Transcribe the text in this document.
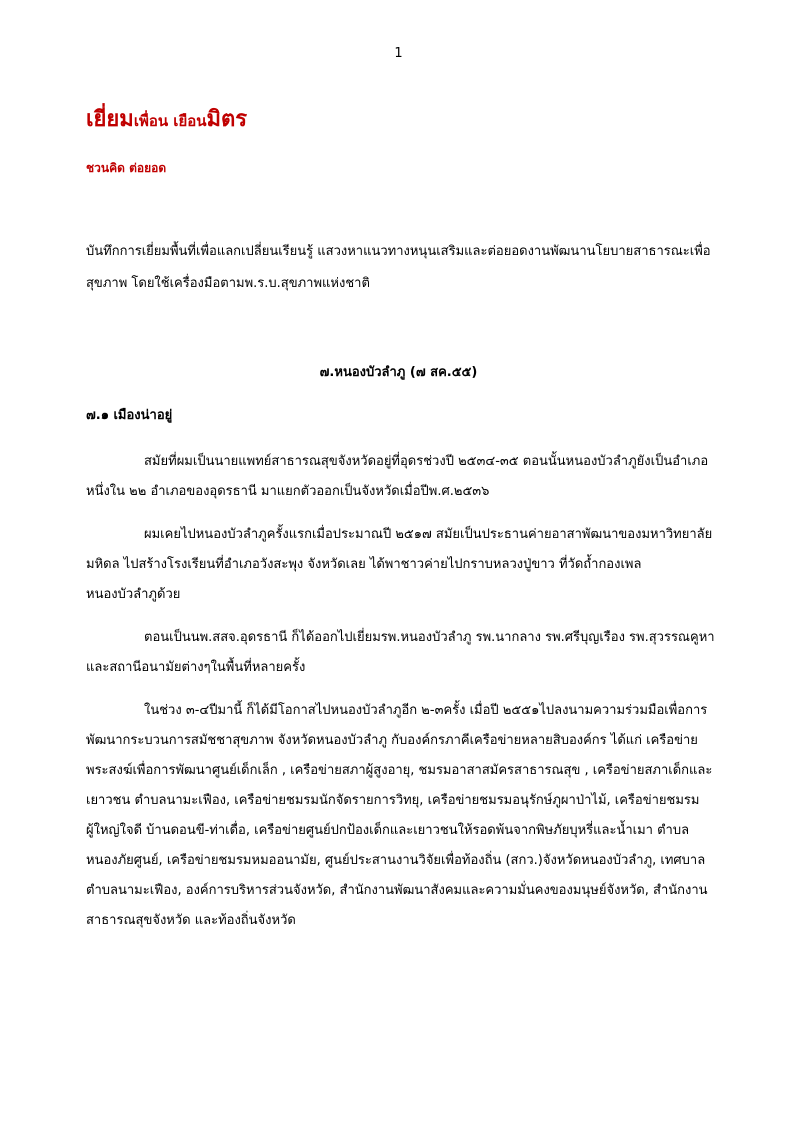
1
เยี่ยมเพื่อน เยือนมิตร
ชวนคิด ต่อยอด

บันทึกการเยี่ยมพื้นที่เพื่อแลกเปลี่ยนเรียนรู้ แสวงหาแนวทางหนุนเสริมและต่อยอดงานพัฒนานโยบายสาธารณะเพื่อสุขภาพ โดยใช้เครื่องมือตามพ.ร.บ.สุขภาพแห่งชาติ

๗.หนองบัวลำภู (๗ สค.๕๕)
๗.๑ เมืองน่าอยู่

สมัยที่ผมเป็นนายแพทย์สาธารณสุขจังหวัดอยู่ที่อุดรช่วงปี ๒๕๓๔-๓๕ ตอนนั้นหนองบัวลำภูยังเป็นอำเภอหนึ่งใน ๒๒ อำเภอของอุดรธานี มาแยกตัวออกเป็นจังหวัดเมื่อปีพ.ศ.๒๕๓๖

ผมเคยไปหนองบัวลำภูครั้งแรกเมื่อประมาณปี ๒๕๑๗ สมัยเป็นประธานค่ายอาสาพัฒนาของมหาวิทยาลัยมหิดล ไปสร้างโรงเรียนที่อำเภอวังสะพุง จังหวัดเลย ได้พาชาวค่ายไปกราบหลวงปู่ขาว ที่วัดถ้ำกองเพล หนองบัวลำภูด้วย

ตอนเป็นนพ.สสจ.อุดรธานี ก็ได้ออกไปเยี่ยมรพ.หนองบัวลำภู รพ.นากลาง รพ.ศรีบุญเรือง รพ.สุวรรณคูหา และสถานีอนามัยต่างๆในพื้นที่หลายครั้ง

ในช่วง ๓-๔ปีมานี้ ก็ได้มีโอกาสไปหนองบัวลำภูอีก ๒-๓ครั้ง เมื่อปี ๒๕๕๑ไปลงนามความร่วมมือเพื่อการพัฒนากระบวนการสมัชชาสุขภาพ จังหวัดหนองบัวลำภู กับองค์กรภาคีเครือข่ายหลายสิบองค์กร ได้แก่ เครือข่ายพระสงฆ์เพื่อการพัฒนาศูนย์เด็กเล็ก , เครือข่ายสภาผู้สูงอายุ, ชมรมอาสาสมัครสาธารณสุข , เครือข่ายสภาเด็กและเยาวชน ตำบลนามะเฟือง, เครือข่ายชมรมนักจัดรายการวิทยุ, เครือข่ายชมรมอนุรักษ์ภูผาป่าไม้, เครือข่ายชมรมผู้ใหญ่ใจดี บ้านดอนขี-ท่าเดื่อ, เครือข่ายศูนย์ปกป้องเด็กและเยาวชนให้รอดพ้นจากพิษภัยบุหรี่และน้ำเมา ตำบลหนองภัยศูนย์, เครือข่ายชมรมหมออนามัย, ศูนย์ประสานงานวิจัยเพื่อท้องถิ่น (สกว.)จังหวัดหนองบัวลำภู, เทศบาลตำบลนามะเฟือง, องค์การบริหารส่วนจังหวัด, สำนักงานพัฒนาสังคมและความมั่นคงของมนุษย์จังหวัด, สำนักงานสาธารณสุขจังหวัด และท้องถิ่นจังหวัด
